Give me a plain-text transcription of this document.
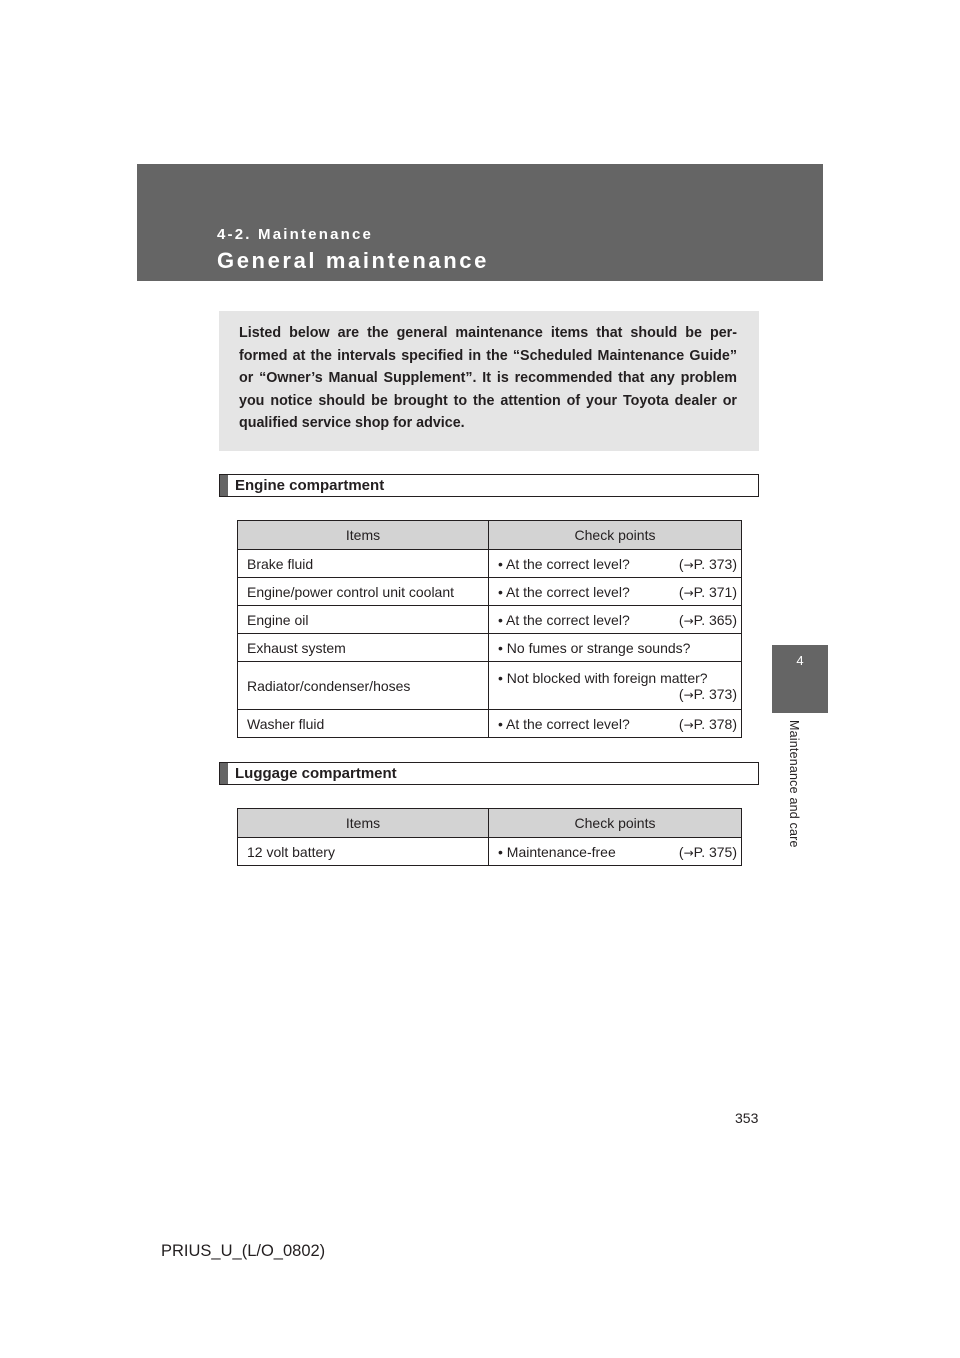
4-2. Maintenance
General maintenance
4
Maintenance and care

Listed below are the general maintenance items that should be per-formed at the intervals specified in the “Scheduled Maintenance Guide” or “Owner’s Manual Supplement”. It is recommended that any problem you notice should be brought to the attention of your Toyota dealer or qualified service shop for advice.

Engine compartment
Items	Check points
Brake fluid	• At the correct level? (→P. 373)

Engine/power control unit coolant	• At the correct level? (→P. 371)

Engine oil	• At the correct level? (→P. 365)

Exhaust system	• No fumes or strange sounds?
Radiator/condenser/hoses	• Not blocked with foreign matter?
(→P. 373)

Washer fluid	• At the correct level? (→P. 378)
Luggage compartment
Items	Check points
12 volt battery	• Maintenance-free (→P. 375)
353
PRIUS_U_(L/O_0802)
